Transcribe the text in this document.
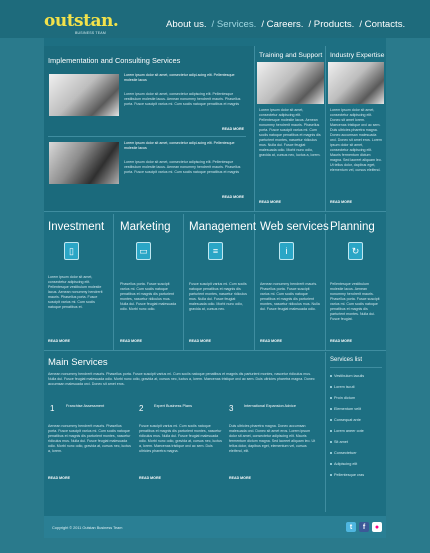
outstan.
BUSINESS TEAM
About us. / Services. / Careers. / Products. / Contacts.
Implementation and Consulting Services
Lorem ipsum dolor sit amet, consectetur adipi-scing elit. Pellentesque molestie lacus
Lorem ipsum dolor sit amet, consectetur adipiscing elit. Pellentesque vestibulum molestie lacus. Aenean nonummy hendrerit mauris. Phasellus porta. Fusce suscipit varius mi. Cum sociis natoque penatibus et magnis
READ MORE
Lorem ipsum dolor sit amet, consectetur adipi-scing elit. Pellentesque molestie lacus
Lorem ipsum dolor sit amet, consectetur adipiscing elit. Pellentesque vestibulum molestie lacus. Aenean nonummy hendrerit mauris. Phasellus porta. Fusce suscipit varius mi. Cum sociis natoque penatibus et magnis
READ MORE
Training and Support
Lorem ipsum dolor sit amet, consectetur adipiscing elit. Pellentesque molestie lacus. Aenean nonummy hendrerit mauris. Phasellus porta. Fusce suscipit varius mi. Cum sociis natoque penatibus et magnis dis parturient montes, nascetur ridiculus mus. Nulla dui. Fusce feugiat malesuada odio. Morbi nunc odio, gravida at, cursus nec, luctus a, lorem.
READ MORE
Industry Expertise
Lorem ipsum dolor sit amet, consectetur adipiscing elit. Donec sit amet lorem. Maecenas tristique orci ac sem. Duis ultricies pharetra magna. Donec accumsan malesuada orci. Donec sit amet eros. Lorem ipsum dolor sit amet, consectetur adipiscing elit. Mauris fermentum dictum magna. Sed laoreet aliquam leo. Ut tellus dolor, dapibus eget, elementum vel, cursus eleifend.
READ MORE
Investment
▯
Lorem ipsum dolor sit amet, consectetur adipiscing elit. Pellentesque vestibulum molestie lacus. Aenean nonummy hendrerit mauris. Phasellus porta. Fusce suscipit varius mi. Cum sociis natoque penatibus et.
READ MORE
Marketing
▭
Phasellus porta. Fusce suscipit varius mi. Cum sociis natoque penatibus et magnis dis parturient montes, nascetur ridiculus mus. Nulla dui. Fusce feugiat malesuada odio. Morbi nunc odio.
READ MORE
Management
≡
Fusce suscipit varius mi. Cum sociis natoque penatibus et magnis dis parturient montes, nascetur ridiculus mus. Nulla dui. Fusce feugiat malesuada odio. Morbi nunc odio, gravida at, cursus nec.
READ MORE
Web services
i
Aenean nonummy hendrerit mauris. Phasellus porta. Fusce suscipit varius mi. Cum sociis natoque penatibus et magnis dis parturient montes, nascetur ridiculus mus. Nulla dui. Fusce feugiat malesuada odio.
READ MORE
Planning
↻
Pellentesque vestibulum molestie lacus. Aenean nonummy hendrerit mauris. Phasellus porta. Fusce suscipit varius mi. Cum sociis natoque penatibus et magnis dis parturient montes. Nulla dui. Fusce feugiat.
READ MORE
Main Services
Aenean nonummy hendrerit mauris. Phasellus porta. Fusce suscipit varius mi. Cum sociis natoque penatibus et magnis dis parturient montes, nascetur ridiculus mus. Nulla dui. Fusce feugiat malesuada odio. Morbi nunc odio, gravida at, cursus nec, luctus a, lorem. Maecenas tristique orci ac sem. Duis ultricies pharetra magna. Donec accumsan malesuada orci. Donec sit amet eros.
1	Franchise Assessment
Aenean nonummy hendrerit mauris. Phasellus porta. Fusce suscipit varius mi. Cum sociis natoque penatibus et magnis dis parturient montes, nascetur ridiculus mus. Nulla dui. Fusce feugiat malesuada odio. Morbi nunc odio, gravida at, cursus nec, luctus a, lorem.
READ MORE
2	Expert Business Plans
Fusce suscipit varius mi. Cum sociis natoque penatibus et magnis dis parturient montes, nascetur ridiculus mus. Nulla dui. Fusce feugiat malesuada odio. Morbi nunc odio, gravida at, cursus nec, luctus a, lorem. Maecenas tristique orci ac sem. Duis ultricies pharetra magna.
READ MORE
3	International Expansion Advice
Duis ultricies pharetra magna. Donec accumsan malesuada orci. Donec sit amet eros. Lorem ipsum dolor sit amet, consectetur adipiscing elit. Mauris fermentum dictum magna. Sed laoreet aliquam leo. Ut tellus dolor, dapibus eget, elementum vel, cursus eleifend, elit.
READ MORE
Services list
Vestibulum iaculis
Lorem iscuti
Proin dictum
Elementum velit
Consequat ante
Lorem aneer cote
Sit amet
Consectetuer
Adipiscing elit
Pellentesque cras
Copyright © 2011 Outstan Business Team	t	f	●
